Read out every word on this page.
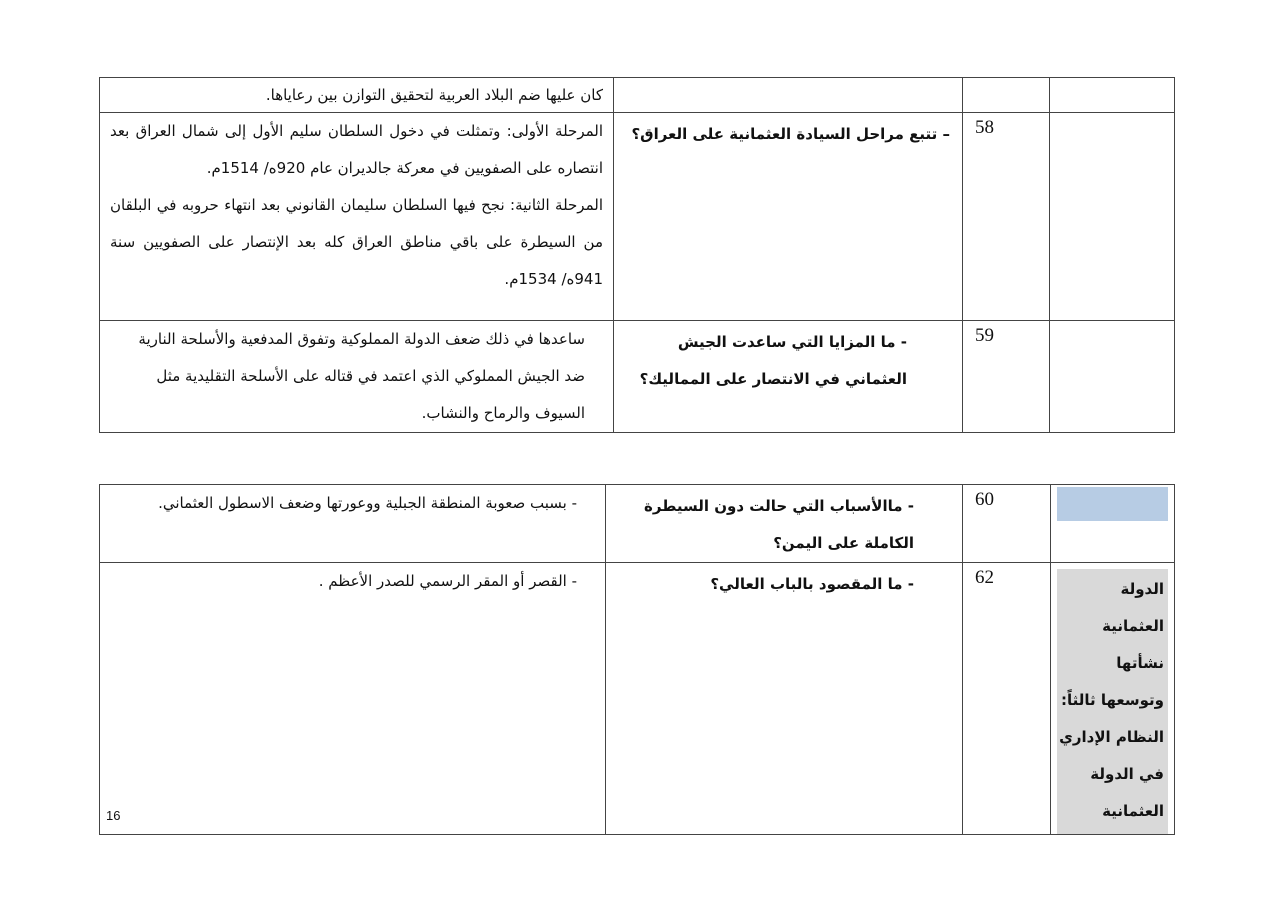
			كان عليها ضم البلاد العربية لتحقيق التوازن بين رعاياها.

	58	– تتبع مراحل السيادة العثمانية على العراق؟	المرحلة الأولى: وتمثلت في دخول السلطان سليم الأول إلى شمال العراق بعد انتصاره على الصفويين في معركة جالديران عام 920ه/ 1514م.
المرحلة الثانية: نجح فيها السلطان سليمان القانوني بعد انتهاء حروبه في البلقان من السيطرة على باقي مناطق العراق كله بعد الإنتصار على الصفويين سنة 941ه/ 1534م.

	59	- ما المزايا التي ساعدت الجيش العثماني في الانتصار على المماليك؟	ساعدها في ذلك ضعف الدولة المملوكية وتفوق المدفعية والأسلحة النارية ضد الجيش المملوكي الذي اعتمد في قتاله على الأسلحة التقليدية مثل السيوف والرماح والنشاب.
	60	- ماالأسباب التي حالت دون السيطرة الكاملة على اليمن؟	- بسبب صعوبة المنطقة الجبلية ووعورتها وضعف الاسطول العثماني.

الدولة العثمانية نشأتها وتوسعها ثالثاً: النظام الإداري في الدولة العثمانية	62	- ما المقصود بالباب العالي؟	- القصر أو المقر الرسمي للصدر الأعظم .
16
